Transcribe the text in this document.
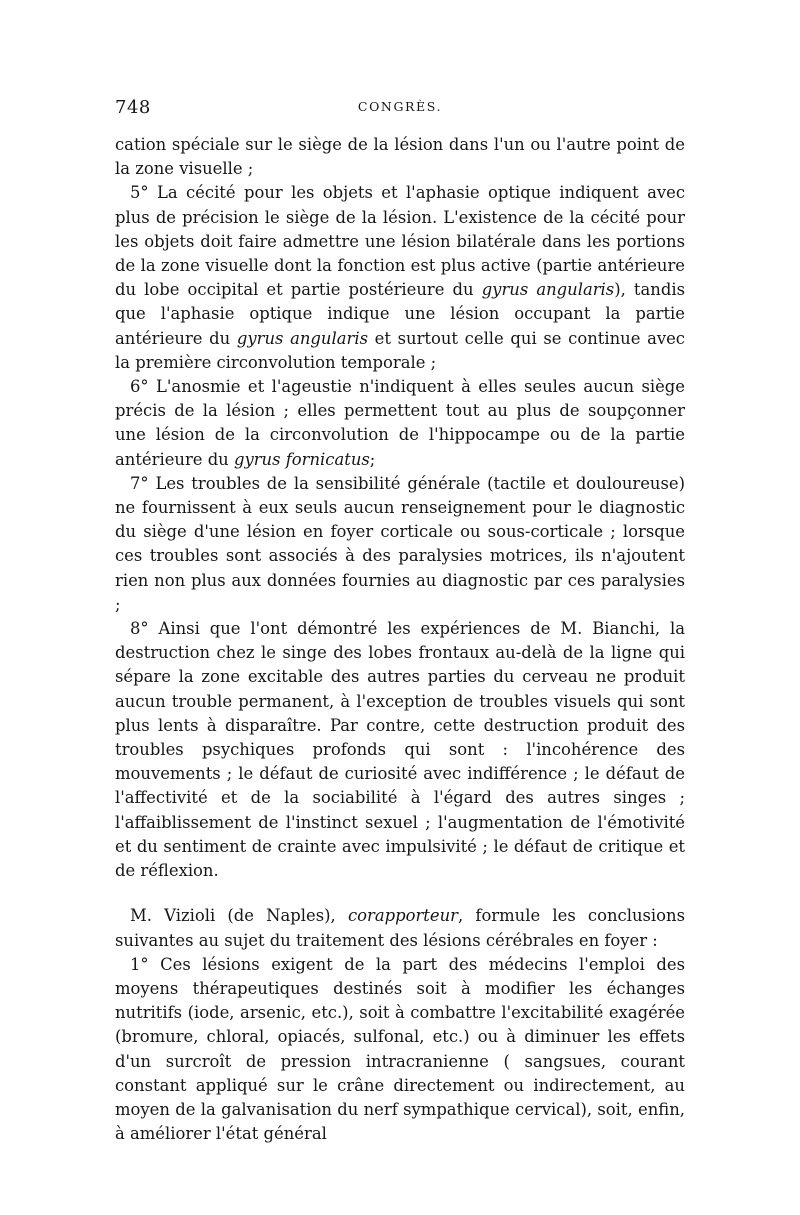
748	CONGRÈS.

cation spéciale sur le siège de la lésion dans l'un ou l'autre point de la zone visuelle ;

5° La cécité pour les objets et l'aphasie optique indiquent avec plus de précision le siège de la lésion. L'existence de la cécité pour les objets doit faire admettre une lésion bilatérale dans les portions de la zone visuelle dont la fonction est plus active (partie antérieure du lobe occipital et partie postérieure du gyrus angularis), tandis que l'aphasie optique indique une lésion occupant la partie antérieure du gyrus angularis et surtout celle qui se continue avec la première circonvolution temporale ;

6° L'anosmie et l'ageustie n'indiquent à elles seules aucun siège précis de la lésion ; elles permettent tout au plus de soupçonner une lésion de la circonvolution de l'hippocampe ou de la partie antérieure du gyrus fornicatus;

7° Les troubles de la sensibilité générale (tactile et douloureuse) ne fournissent à eux seuls aucun renseignement pour le diagnostic du siège d'une lésion en foyer corticale ou sous-corticale ; lorsque ces troubles sont associés à des paralysies motrices, ils n'ajoutent rien non plus aux données fournies au diagnostic par ces paralysies ;

8° Ainsi que l'ont démontré les expériences de M. Bianchi, la destruction chez le singe des lobes frontaux au-delà de la ligne qui sépare la zone excitable des autres parties du cerveau ne produit aucun trouble permanent, à l'exception de troubles visuels qui sont plus lents à disparaître. Par contre, cette destruction produit des troubles psychiques profonds qui sont : l'incohérence des mouvements ; le défaut de curiosité avec indifférence ; le défaut de l'affectivité et de la sociabilité à l'égard des autres singes ; l'affaiblissement de l'instinct sexuel ; l'augmentation de l'émotivité et du sentiment de crainte avec impulsivité ; le défaut de critique et de réflexion.

M. Vizioli (de Naples), corapporteur, formule les conclusions suivantes au sujet du traitement des lésions cérébrales en foyer :

1° Ces lésions exigent de la part des médecins l'emploi des moyens thérapeutiques destinés soit à modifier les échanges nutritifs (iode, arsenic, etc.), soit à combattre l'excitabilité exagérée (bromure, chloral, opiacés, sulfonal, etc.) ou à diminuer les effets d'un surcroît de pression intracranienne ( sangsues, courant constant appliqué sur le crâne directement ou indirectement, au moyen de la galvanisation du nerf sympathique cervical), soit, enfin, à améliorer l'état général
